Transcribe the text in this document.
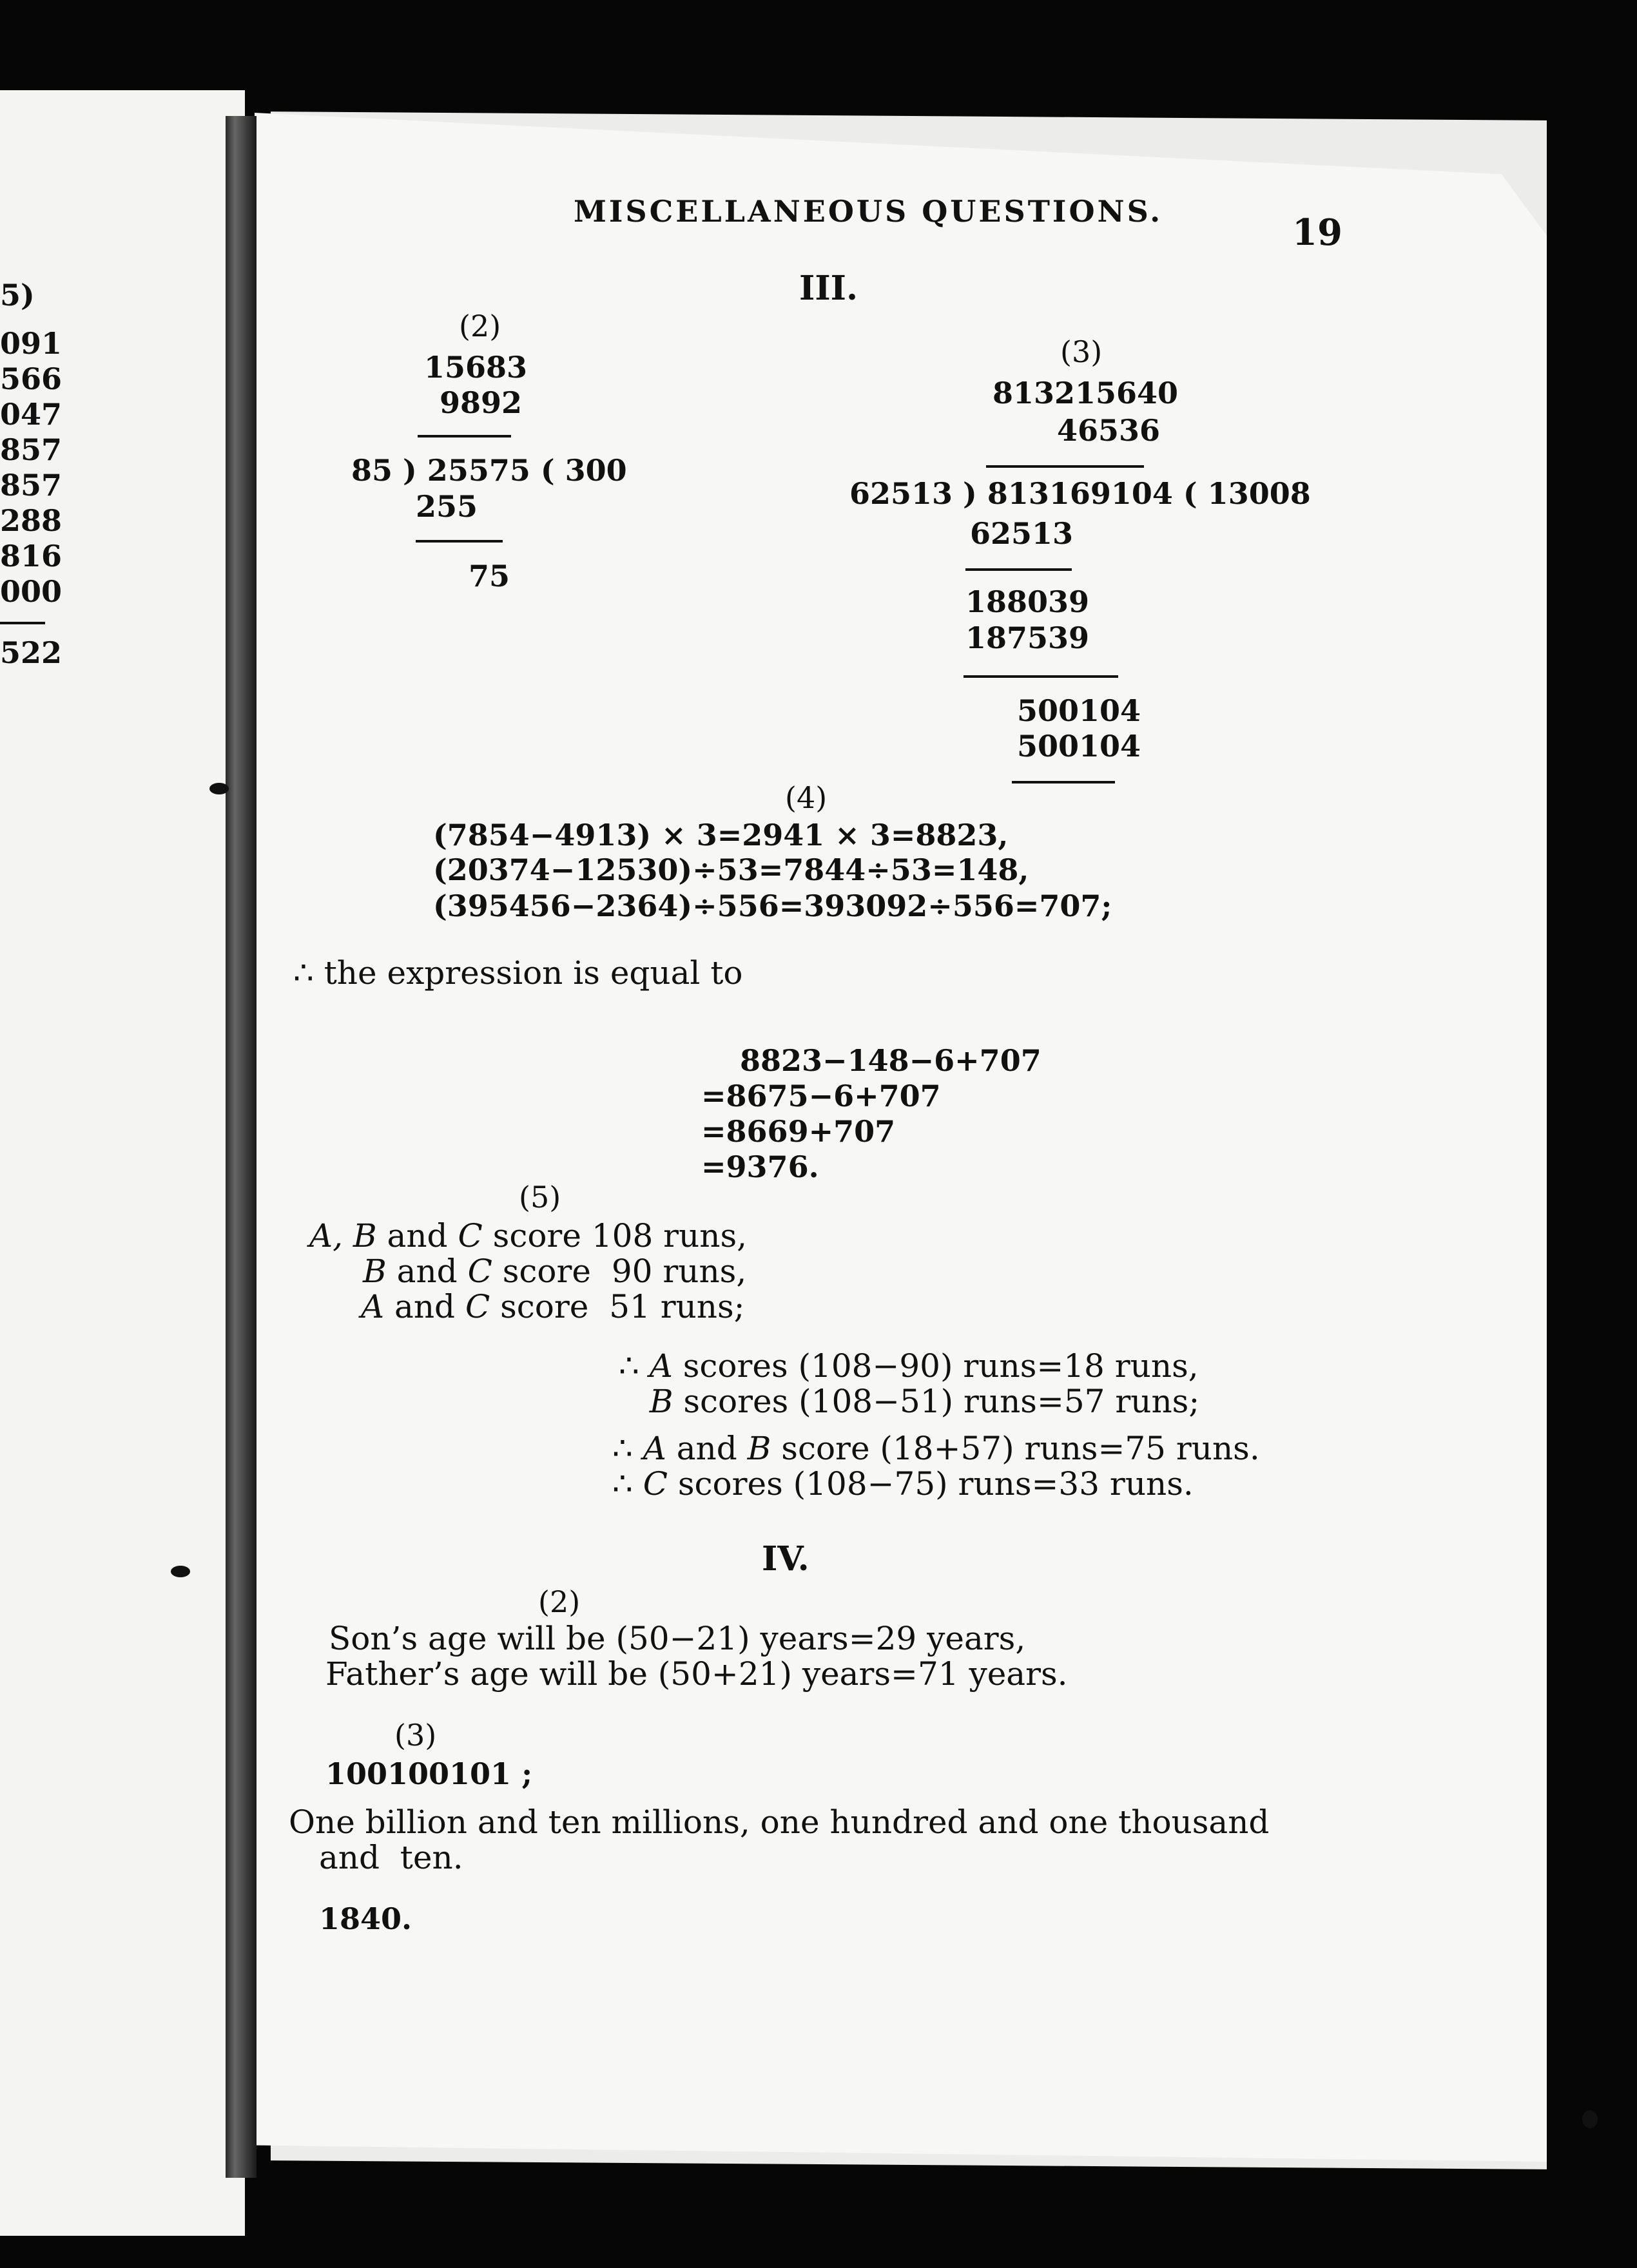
5)
091
566
047
857
857
288
816
000
522
MISCELLANEOUS QUESTIONS.	19
III.
(2)
15683
9892
85 ) 25575 ( 300
255
75
(3)
813215640
46536
62513 ) 813169104 ( 13008
62513
188039
187539
500104
500104
(4)
(7854−4913) × 3=2941 × 3=8823,
(20374−12530)÷53=7844÷53=148,
(395456−2364)÷556=393092÷556=707;
∴ the expression is equal to
8823−148−6+707
=8675−6+707
=8669+707
=9376.
(5)
A, B and C score 108 runs,
B and C score  90 runs,
A and C score  51 runs;
∴ A scores (108−90) runs=18 runs,
B scores (108−51) runs=57 runs;
∴ A and B score (18+57) runs=75 runs.
∴ C scores (108−75) runs=33 runs.
IV.
(2)
Son’s age will be (50−21) years=29 years,
Father’s age will be (50+21) years=71 years.
(3)
100100101 ;
One billion and ten millions, one hundred and one thousand
and  ten.
1840.
